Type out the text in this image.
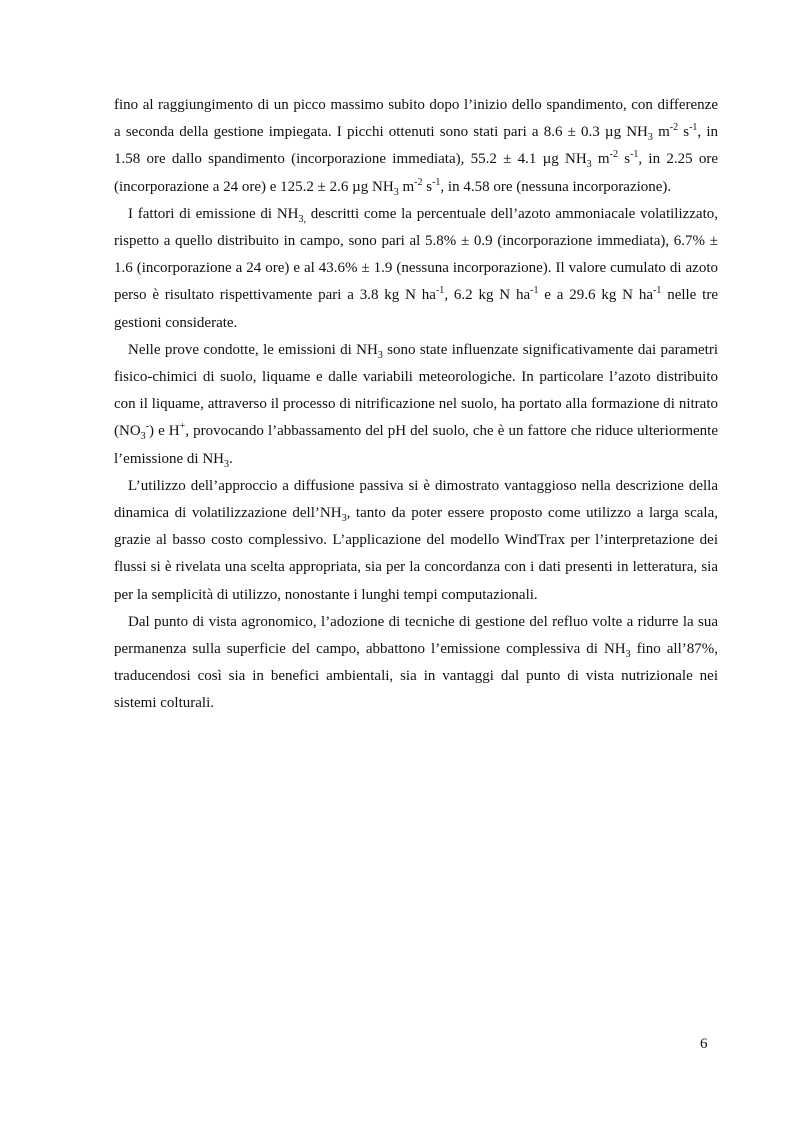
fino al raggiungimento di un picco massimo subito dopo l’inizio dello spandimento, con differenze a seconda della gestione impiegata. I picchi ottenuti sono stati pari a 8.6 ± 0.3 µg $NH_3$ $m^{-2}$ $s^{-1}$, in 1.58 ore dallo spandimento (incorporazione immediata), 55.2 ± 4.1 µg $NH_3$ $m^{-2}$ $s^{-1}$, in 2.25 ore (incorporazione a 24 ore) e 125.2 ± 2.6 µg $NH_3$ $m^{-2}$ $s^{-1}$, in 4.58 ore (nessuna incorporazione).

I fattori di emissione di $NH_{3,}$ descritti come la percentuale dell’azoto ammoniacale volatilizzato, rispetto a quello distribuito in campo, sono pari al 5.8% ± 0.9 (incorporazione immediata), 6.7% ± 1.6 (incorporazione a 24 ore) e al 43.6% ± 1.9 (nessuna incorporazione). Il valore cumulato di azoto perso è risultato rispettivamente pari a 3.8 kg N $ha^{-1}$, 6.2 kg N $ha^{-1}$ e a 29.6 kg N $ha^{-1}$ nelle tre gestioni considerate.

Nelle prove condotte, le emissioni di $NH_3$ sono state influenzate significativamente dai parametri fisico-chimici di suolo, liquame e dalle variabili meteorologiche. In particolare l’azoto distribuito con il liquame, attraverso il processo di nitrificazione nel suolo, ha portato alla formazione di nitrato $(NO_3^-)$ e H+, provocando l’abbassamento del pH del suolo, che è un fattore che riduce ulteriormente l’emissione di $NH_3$.

L’utilizzo dell’approccio a diffusione passiva si è dimostrato vantaggioso nella descrizione della dinamica di volatilizzazione $dell’NH_3$, tanto da poter essere proposto come utilizzo a larga scala, grazie al basso costo complessivo. L’applicazione del modello WindTrax per l’interpretazione dei flussi si è rivelata una scelta appropriata, sia per la concordanza con i dati presenti in letteratura, sia per la semplicità di utilizzo, nonostante i lunghi tempi computazionali.

Dal punto di vista agronomico, l’adozione di tecniche di gestione del refluo volte a ridurre la sua permanenza sulla superficie del campo, abbattono l’emissione complessiva di $NH_3$ fino all’87%, traducendosi così sia in benefici ambientali, sia in vantaggi dal punto di vista nutrizionale nei sistemi colturali.

6
